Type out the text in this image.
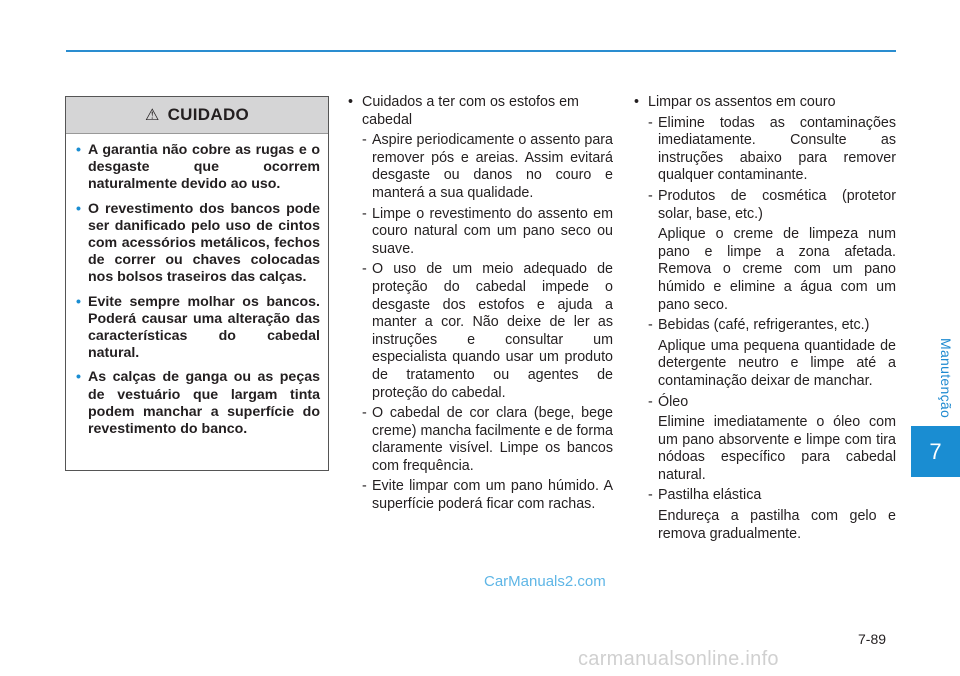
Manutenção
7
⚠ CUIDADO
• A garantia não cobre as rugas e o desgaste que ocorrem naturalmente devido ao uso.
• O revestimento dos bancos pode ser danificado pelo uso de cintos com acessórios metálicos, fechos de correr ou chaves colocadas nos bolsos traseiros das calças.
• Evite sempre molhar os bancos. Poderá causar uma alteração das características do cabedal natural.
• As calças de ganga ou as peças de vestuário que largam tinta podem manchar a superfície do revestimento do banco.
• Cuidados a ter com os estofos em cabedal
- Aspire periodicamente o assento para remover pós e areias. Assim evitará desgaste ou danos no couro e manterá a sua qualidade.
- Limpe o revestimento do assento em couro natural com um pano seco ou suave.
- O uso de um meio adequado de proteção do cabedal impede o desgaste dos estofos e ajuda a manter a cor. Não deixe de ler as instruções e consultar um especialista quando usar um produto de tratamento ou agentes de proteção do cabedal.
- O cabedal de cor clara (bege, bege creme) mancha facilmente e de forma claramente visível. Limpe os bancos com frequência.
- Evite limpar com um pano húmido. A superfície poderá ficar com rachas.
• Limpar os assentos em couro
- Elimine todas as contaminações imediatamente. Consulte as instruções abaixo para remover qualquer contaminante.
- Produtos de cosmética (protetor solar, base, etc.)
Aplique o creme de limpeza num pano e limpe a zona afetada. Remova o creme com um pano húmido e elimine a água com um pano seco.
- Bebidas (café, refrigerantes, etc.)
Aplique uma pequena quantidade de detergente neutro e limpe até a contaminação deixar de manchar.
- Óleo
Elimine imediatamente o óleo com um pano absorvente e limpe com tira nódoas específico para cabedal natural.
- Pastilha elástica
Endureça a pastilha com gelo e remova gradualmente.
CarManuals2.com
7-89
carmanualsonline.info
